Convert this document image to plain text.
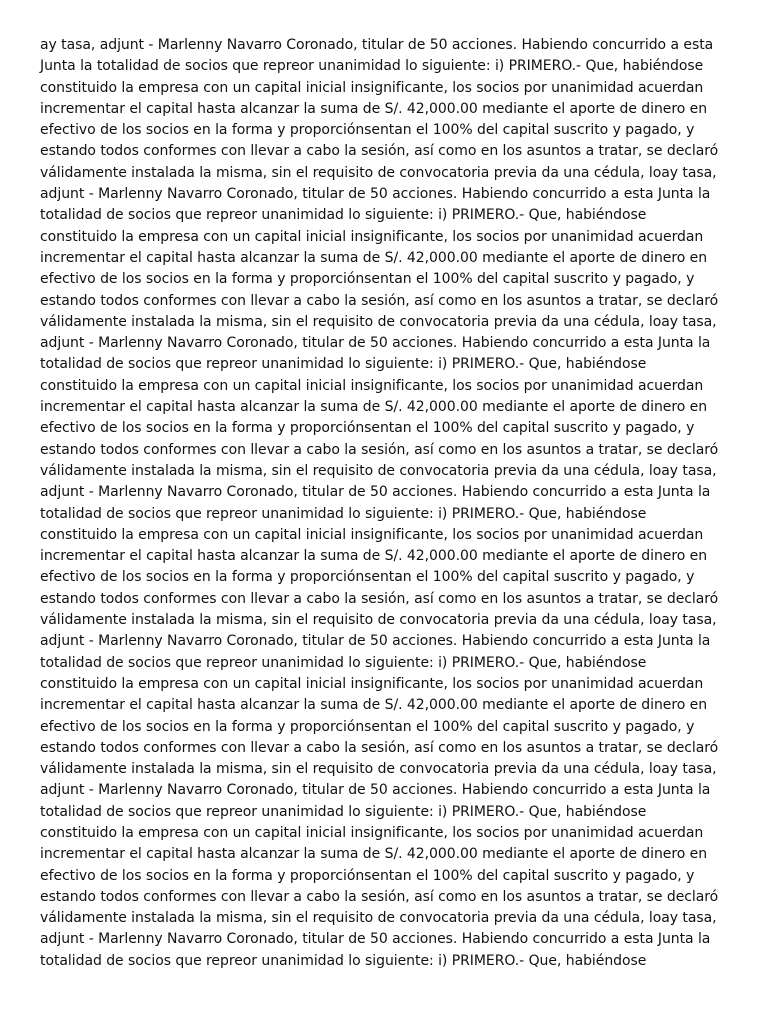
ay tasa, adjunt - Marlenny Navarro Coronado, titular de 50 acciones. Habiendo concurrido a esta
Junta la totalidad de socios que repreor unanimidad lo siguiente: i) PRIMERO.- Que, habiéndose
constituido la empresa con un capital inicial insignificante, los socios por unanimidad acuerdan
incrementar el capital hasta alcanzar la suma de S/. 42,000.00 mediante el aporte de dinero en
efectivo de los socios en la forma y proporciónsentan el 100% del capital suscrito y pagado, y
estando todos conformes con llevar a cabo la sesión, así como en los asuntos a tratar, se declaró
válidamente instalada la misma, sin el requisito de convocatoria previa da una cédula, loay tasa,
adjunt - Marlenny Navarro Coronado, titular de 50 acciones. Habiendo concurrido a esta Junta la
totalidad de socios que repreor unanimidad lo siguiente: i) PRIMERO.- Que, habiéndose
constituido la empresa con un capital inicial insignificante, los socios por unanimidad acuerdan
incrementar el capital hasta alcanzar la suma de S/. 42,000.00 mediante el aporte de dinero en
efectivo de los socios en la forma y proporciónsentan el 100% del capital suscrito y pagado, y
estando todos conformes con llevar a cabo la sesión, así como en los asuntos a tratar, se declaró
válidamente instalada la misma, sin el requisito de convocatoria previa da una cédula, loay tasa,
adjunt - Marlenny Navarro Coronado, titular de 50 acciones. Habiendo concurrido a esta Junta la
totalidad de socios que repreor unanimidad lo siguiente: i) PRIMERO.- Que, habiéndose
constituido la empresa con un capital inicial insignificante, los socios por unanimidad acuerdan
incrementar el capital hasta alcanzar la suma de S/. 42,000.00 mediante el aporte de dinero en
efectivo de los socios en la forma y proporciónsentan el 100% del capital suscrito y pagado, y
estando todos conformes con llevar a cabo la sesión, así como en los asuntos a tratar, se declaró
válidamente instalada la misma, sin el requisito de convocatoria previa da una cédula, loay tasa,
adjunt - Marlenny Navarro Coronado, titular de 50 acciones. Habiendo concurrido a esta Junta la
totalidad de socios que repreor unanimidad lo siguiente: i) PRIMERO.- Que, habiéndose
constituido la empresa con un capital inicial insignificante, los socios por unanimidad acuerdan
incrementar el capital hasta alcanzar la suma de S/. 42,000.00 mediante el aporte de dinero en
efectivo de los socios en la forma y proporciónsentan el 100% del capital suscrito y pagado, y
estando todos conformes con llevar a cabo la sesión, así como en los asuntos a tratar, se declaró
válidamente instalada la misma, sin el requisito de convocatoria previa da una cédula, loay tasa,
adjunt - Marlenny Navarro Coronado, titular de 50 acciones. Habiendo concurrido a esta Junta la
totalidad de socios que repreor unanimidad lo siguiente: i) PRIMERO.- Que, habiéndose
constituido la empresa con un capital inicial insignificante, los socios por unanimidad acuerdan
incrementar el capital hasta alcanzar la suma de S/. 42,000.00 mediante el aporte de dinero en
efectivo de los socios en la forma y proporciónsentan el 100% del capital suscrito y pagado, y
estando todos conformes con llevar a cabo la sesión, así como en los asuntos a tratar, se declaró
válidamente instalada la misma, sin el requisito de convocatoria previa da una cédula, loay tasa,
adjunt - Marlenny Navarro Coronado, titular de 50 acciones. Habiendo concurrido a esta Junta la
totalidad de socios que repreor unanimidad lo siguiente: i) PRIMERO.- Que, habiéndose
constituido la empresa con un capital inicial insignificante, los socios por unanimidad acuerdan
incrementar el capital hasta alcanzar la suma de S/. 42,000.00 mediante el aporte de dinero en
efectivo de los socios en la forma y proporciónsentan el 100% del capital suscrito y pagado, y
estando todos conformes con llevar a cabo la sesión, así como en los asuntos a tratar, se declaró
válidamente instalada la misma, sin el requisito de convocatoria previa da una cédula, loay tasa,
adjunt - Marlenny Navarro Coronado, titular de 50 acciones. Habiendo concurrido a esta Junta la
totalidad de socios que repreor unanimidad lo siguiente: i) PRIMERO.- Que, habiéndose
